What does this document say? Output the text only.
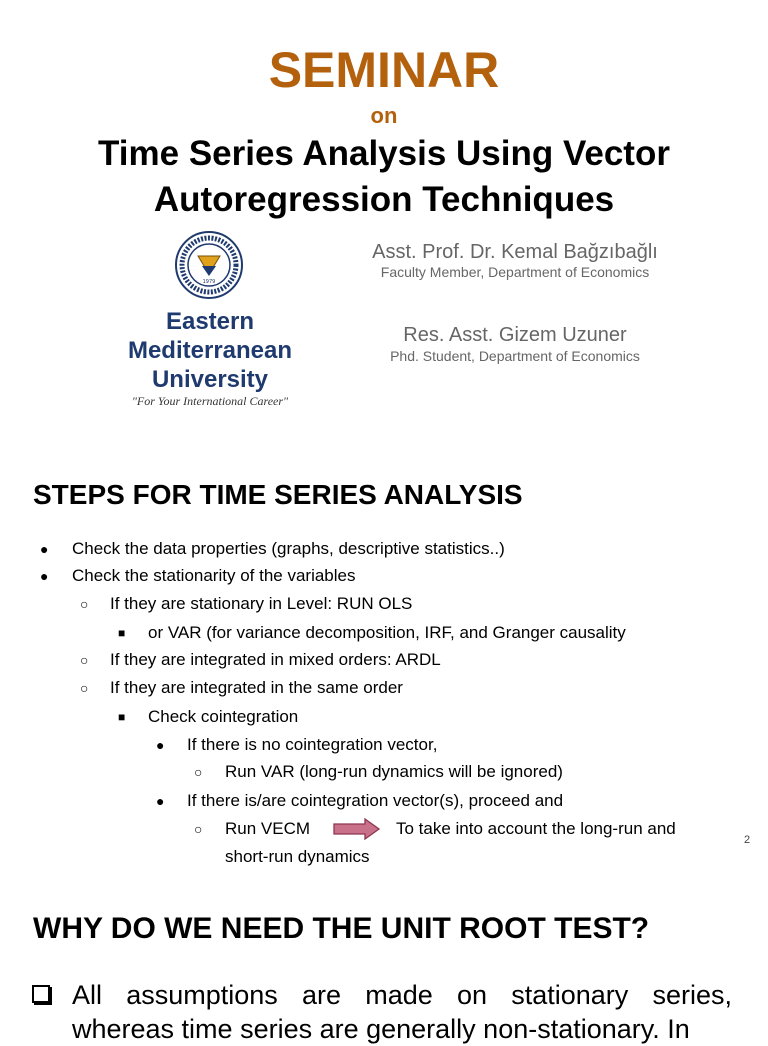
SEMINAR
on
Time Series Analysis Using Vector
Autoregression Techniques
1979
Eastern
Mediterranean
University
"For Your International Career"
Asst. Prof. Dr. Kemal Bağzıbağlı
Faculty Member, Department of Economics
Res. Asst. Gizem Uzuner
Phd. Student, Department of Economics
STEPS FOR TIME SERIES ANALYSIS
● Check the data properties (graphs, descriptive statistics..)
● Check the stationarity of the variables
○ If they are stationary in Level: RUN OLS
■ or VAR (for variance decomposition, IRF, and Granger causality
○ If they are integrated in mixed orders: ARDL
○ If they are integrated in the same order
■ Check cointegration
● If there is no cointegration vector,
○ Run VAR (long-run dynamics will be ignored)
● If there is/are cointegration vector(s), proceed and
○ Run VECM	To take into account the long-run and
short-run dynamics
2
WHY DO WE NEED THE UNIT ROOT TEST?
All assumptions are made on stationary series,
whereas time series are generally non-stationary. In
